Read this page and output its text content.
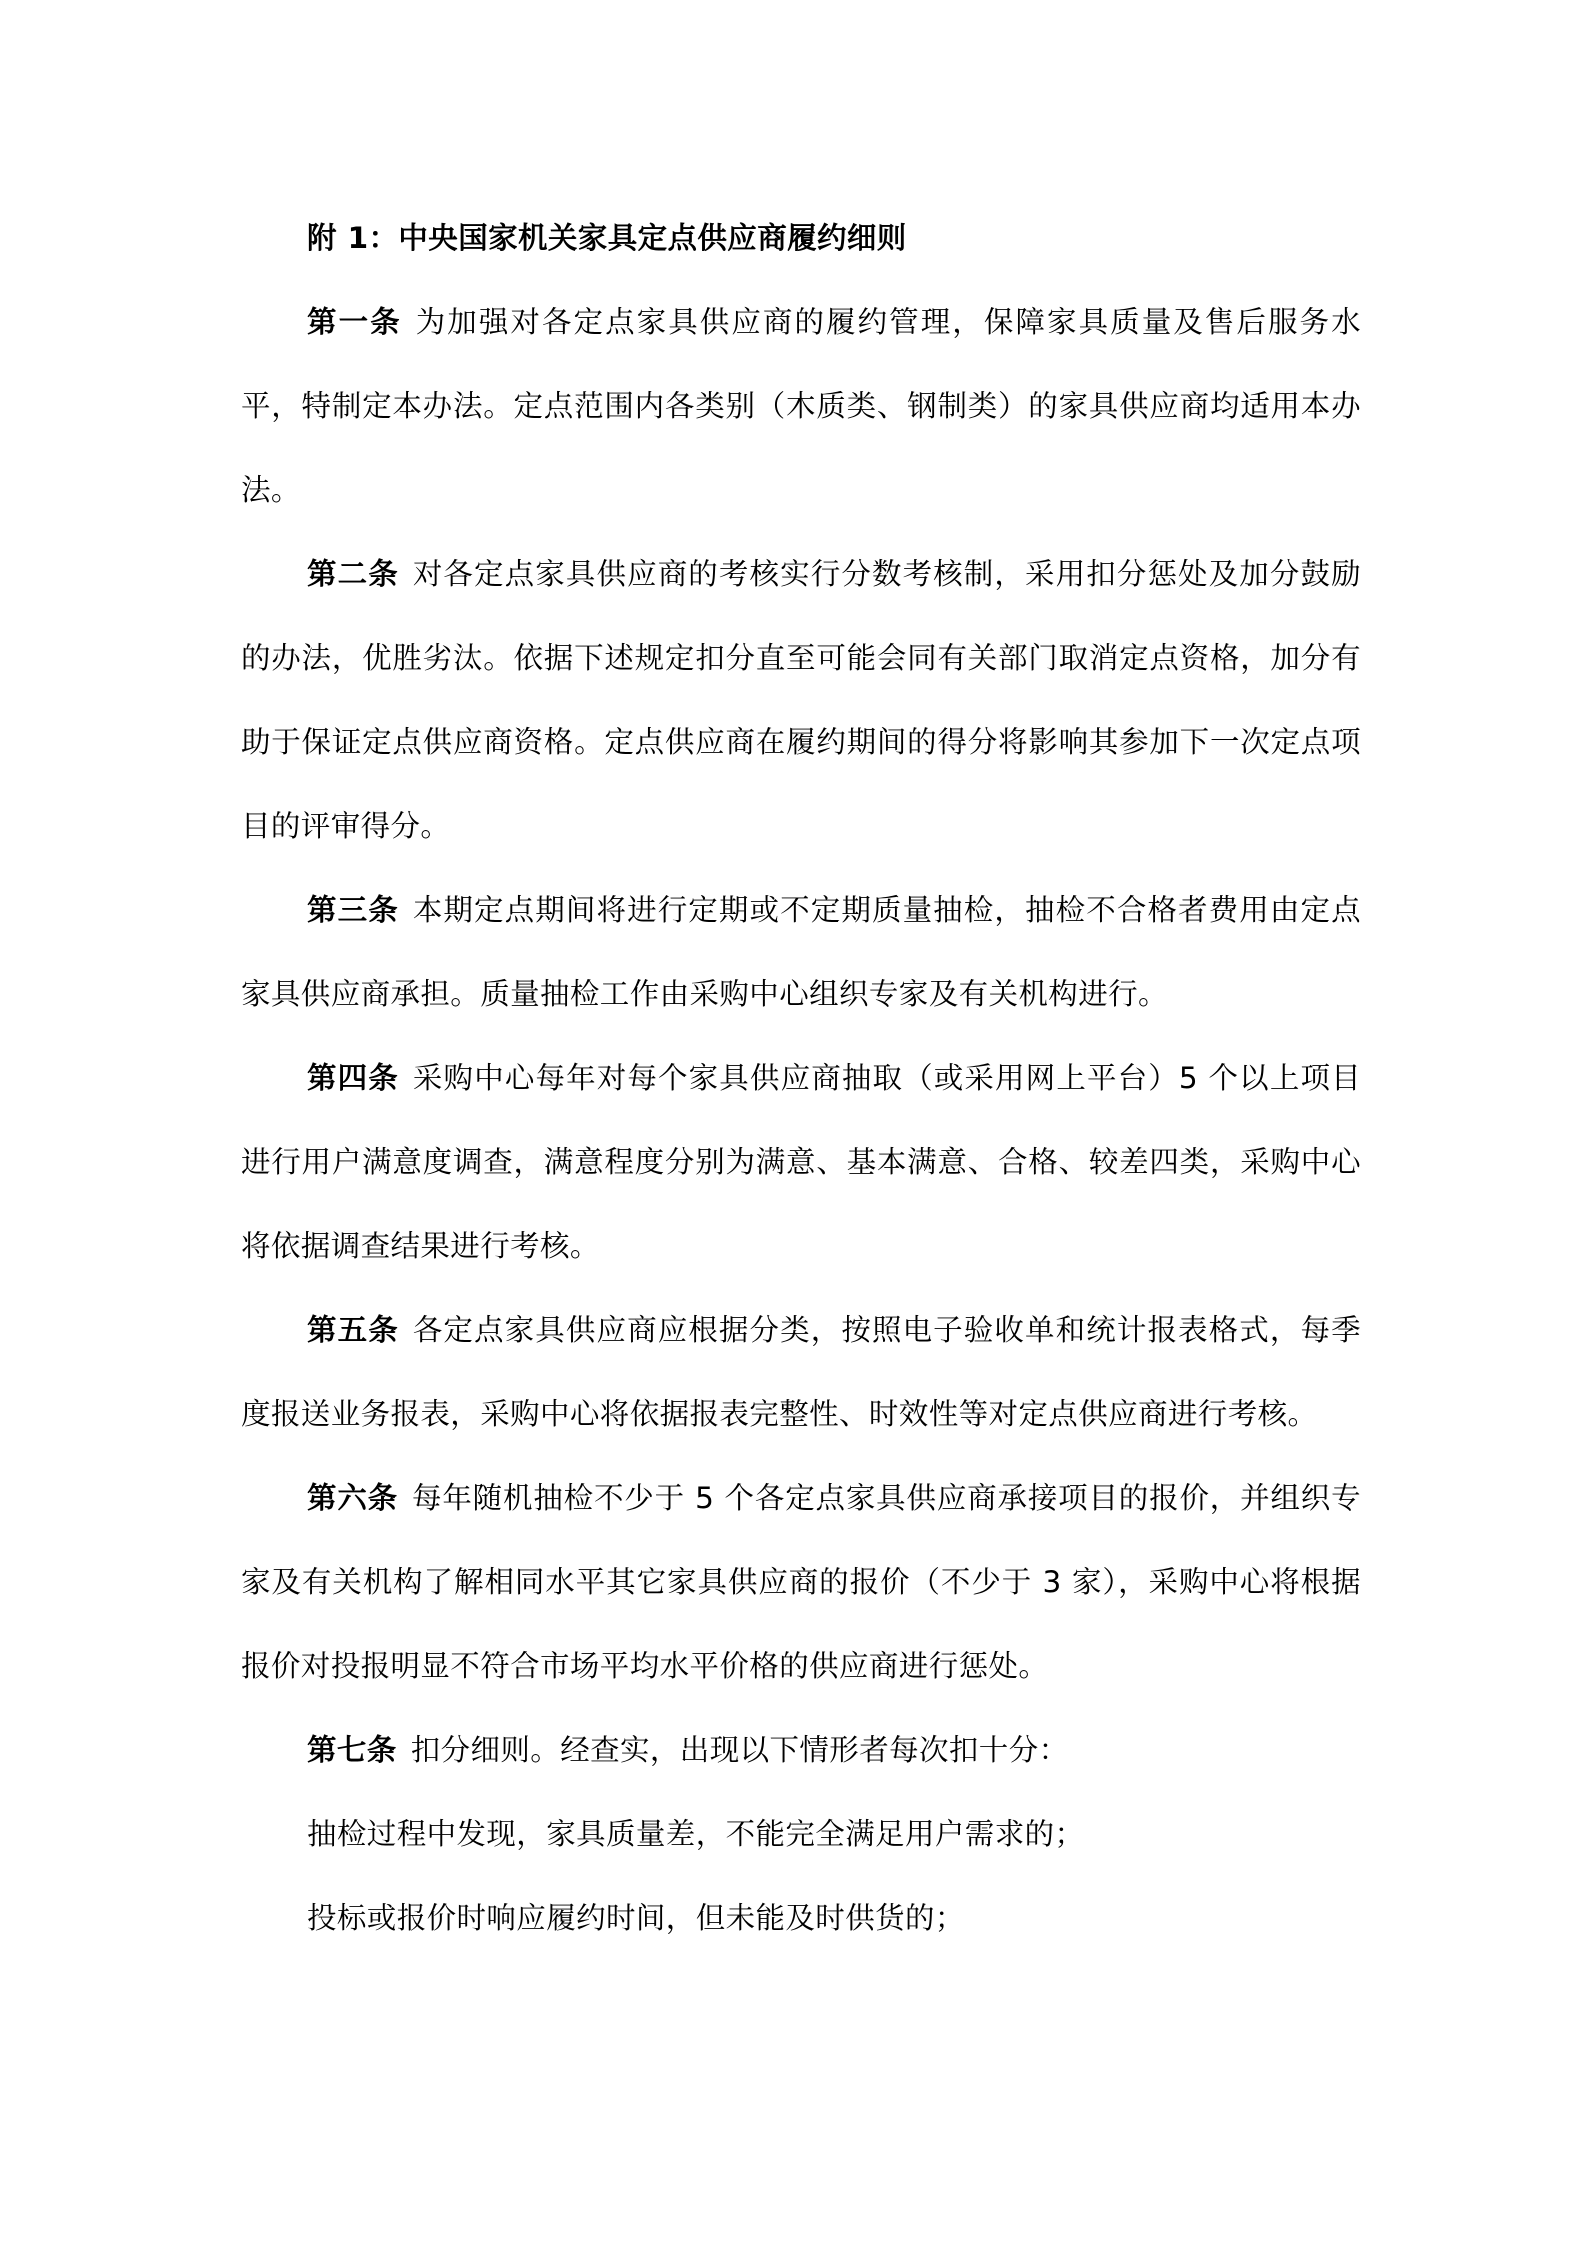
附 1：中央国家机关家具定点供应商履约细则

第一条 为加强对各定点家具供应商的履约管理，保障家具质量及售后服务水平，特制定本办法。定点范围内各类别（木质类、钢制类）的家具供应商均适用本办法。

第二条 对各定点家具供应商的考核实行分数考核制，采用扣分惩处及加分鼓励的办法，优胜劣汰。依据下述规定扣分直至可能会同有关部门取消定点资格，加分有助于保证定点供应商资格。定点供应商在履约期间的得分将影响其参加下一次定点项目的评审得分。

第三条 本期定点期间将进行定期或不定期质量抽检，抽检不合格者费用由定点家具供应商承担。质量抽检工作由采购中心组织专家及有关机构进行。

第四条 采购中心每年对每个家具供应商抽取（或采用网上平台）5 个以上项目进行用户满意度调查，满意程度分别为满意、基本满意、合格、较差四类，采购中心将依据调查结果进行考核。

第五条 各定点家具供应商应根据分类，按照电子验收单和统计报表格式，每季度报送业务报表，采购中心将依据报表完整性、时效性等对定点供应商进行考核。

第六条 每年随机抽检不少于 5 个各定点家具供应商承接项目的报价，并组织专家及有关机构了解相同水平其它家具供应商的报价（不少于 3 家），采购中心将根据报价对投报明显不符合市场平均水平价格的供应商进行惩处。

第七条 扣分细则。经查实，出现以下情形者每次扣十分：

抽检过程中发现，家具质量差，不能完全满足用户需求的；

投标或报价时响应履约时间，但未能及时供货的；
